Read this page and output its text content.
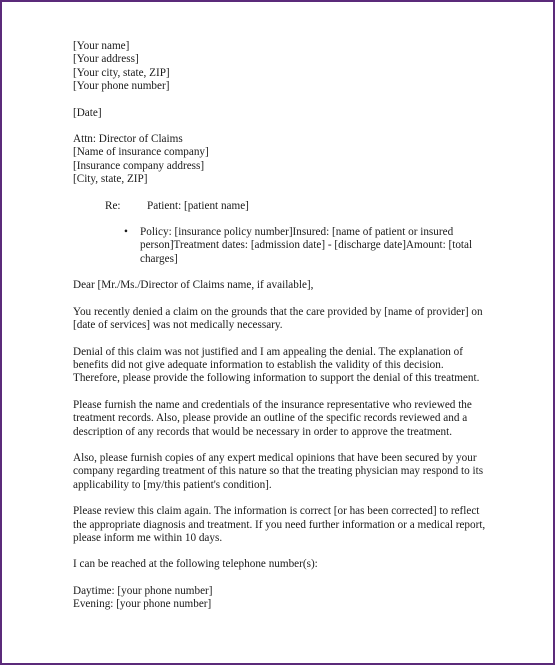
[Your name]
[Your address]
[Your city, state, ZIP]
[Your phone number]
[Date]
Attn: Director of Claims
[Name of insurance company]
[Insurance company address]
[City, state, ZIP]
Re: Patient: [patient name]
• Policy: [insurance policy number]Insured: [name of patient or insured person]Treatment dates: [admission date] - [discharge date]Amount: [total charges]

Dear [Mr./Ms./Director of Claims name, if available],

You recently denied a claim on the grounds that the care provided by [name of provider] on [date of services] was not medically necessary.

Denial of this claim was not justified and I am appealing the denial. The explanation of benefits did not give adequate information to establish the validity of this decision. Therefore, please provide the following information to support the denial of this treatment.

Please furnish the name and credentials of the insurance representative who reviewed the treatment records. Also, please provide an outline of the specific records reviewed and a description of any records that would be necessary in order to approve the treatment.

Also, please furnish copies of any expert medical opinions that have been secured by your company regarding treatment of this nature so that the treating physician may respond to its applicability to [my/this patient's condition].

Please review this claim again. The information is correct [or has been corrected] to reflect the appropriate diagnosis and treatment. If you need further information or a medical report, please inform me within 10 days.

I can be reached at the following telephone number(s):

Daytime: [your phone number]
Evening: [your phone number]
